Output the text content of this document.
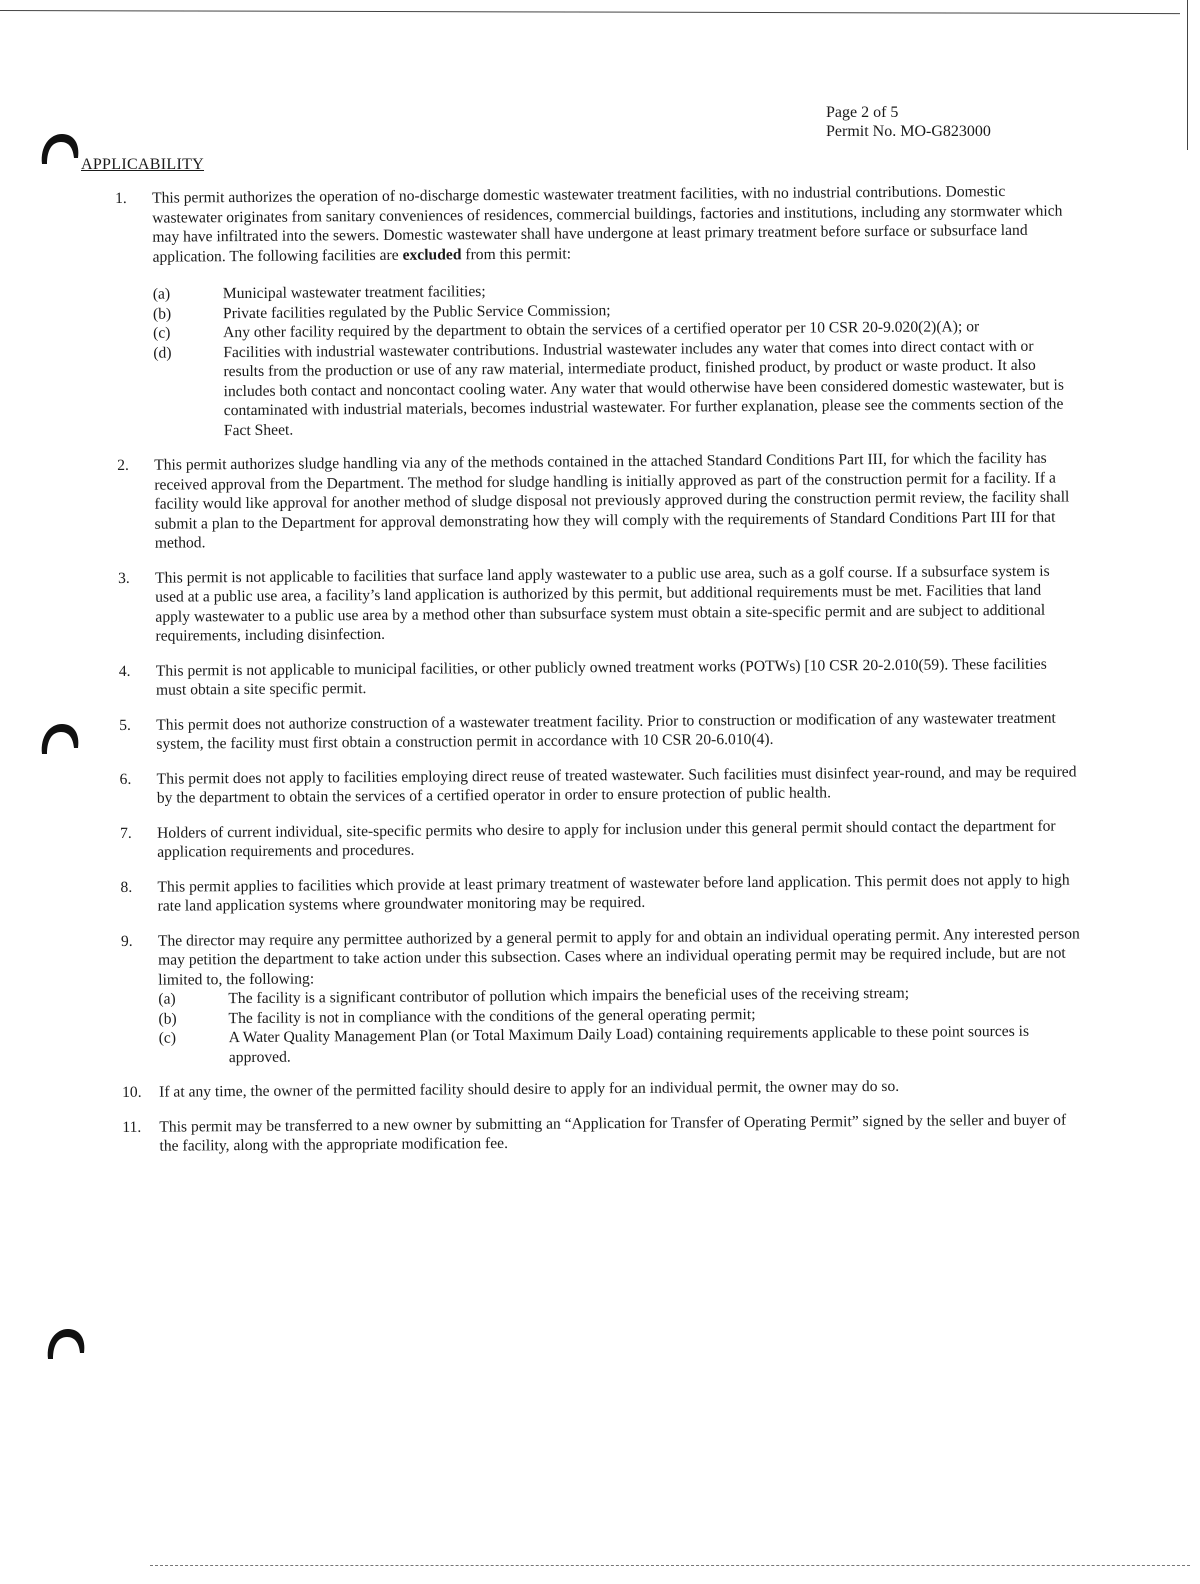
Page 2 of 5
Permit No. MO-G823000
APPLICABILITY
1. This permit authorizes the operation of no-discharge domestic wastewater treatment facilities, with no industrial contributions. Domestic wastewater originates from sanitary conveniences of residences, commercial buildings, factories and institutions, including any stormwater which may have infiltrated into the sewers. Domestic wastewater shall have undergone at least primary treatment before surface or subsurface land application. The following facilities are excluded from this permit:
(a)	Municipal wastewater treatment facilities;
(b)	Private facilities regulated by the Public Service Commission;
(c)	Any other facility required by the department to obtain the services of a certified operator per 10 CSR 20-9.020(2)(A); or
(d)	Facilities with industrial wastewater contributions. Industrial wastewater includes any water that comes into direct contact with or results from the production or use of any raw material, intermediate product, finished product, by product or waste product. It also includes both contact and noncontact cooling water. Any water that would otherwise have been considered domestic wastewater, but is contaminated with industrial materials, becomes industrial wastewater. For further explanation, please see the comments section of the Fact Sheet.
2. This permit authorizes sludge handling via any of the methods contained in the attached Standard Conditions Part III, for which the facility has received approval from the Department. The method for sludge handling is initially approved as part of the construction permit for a facility. If a facility would like approval for another method of sludge disposal not previously approved during the construction permit review, the facility shall submit a plan to the Department for approval demonstrating how they will comply with the requirements of Standard Conditions Part III for that method.
3. This permit is not applicable to facilities that surface land apply wastewater to a public use area, such as a golf course. If a subsurface system is used at a public use area, a facility’s land application is authorized by this permit, but additional requirements must be met. Facilities that land apply wastewater to a public use area by a method other than subsurface system must obtain a site-specific permit and are subject to additional requirements, including disinfection.
4. This permit is not applicable to municipal facilities, or other publicly owned treatment works (POTWs) [10 CSR 20-2.010(59). These facilities must obtain a site specific permit.
5. This permit does not authorize construction of a wastewater treatment facility. Prior to construction or modification of any wastewater treatment system, the facility must first obtain a construction permit in accordance with 10 CSR 20-6.010(4).
6. This permit does not apply to facilities employing direct reuse of treated wastewater. Such facilities must disinfect year-round, and may be required by the department to obtain the services of a certified operator in order to ensure protection of public health.
7. Holders of current individual, site-specific permits who desire to apply for inclusion under this general permit should contact the department for application requirements and procedures.
8. This permit applies to facilities which provide at least primary treatment of wastewater before land application. This permit does not apply to high rate land application systems where groundwater monitoring may be required.
9. The director may require any permittee authorized by a general permit to apply for and obtain an individual operating permit. Any interested person may petition the department to take action under this subsection. Cases where an individual operating permit may be required include, but are not limited to, the following:
(a)	The facility is a significant contributor of pollution which impairs the beneficial uses of the receiving stream;
(b)	The facility is not in compliance with the conditions of the general operating permit;
(c)	A Water Quality Management Plan (or Total Maximum Daily Load) containing requirements applicable to these point sources is approved.
10. If at any time, the owner of the permitted facility should desire to apply for an individual permit, the owner may do so.
11. This permit may be transferred to a new owner by submitting an “Application for Transfer of Operating Permit” signed by the seller and buyer of the facility, along with the appropriate modification fee.
